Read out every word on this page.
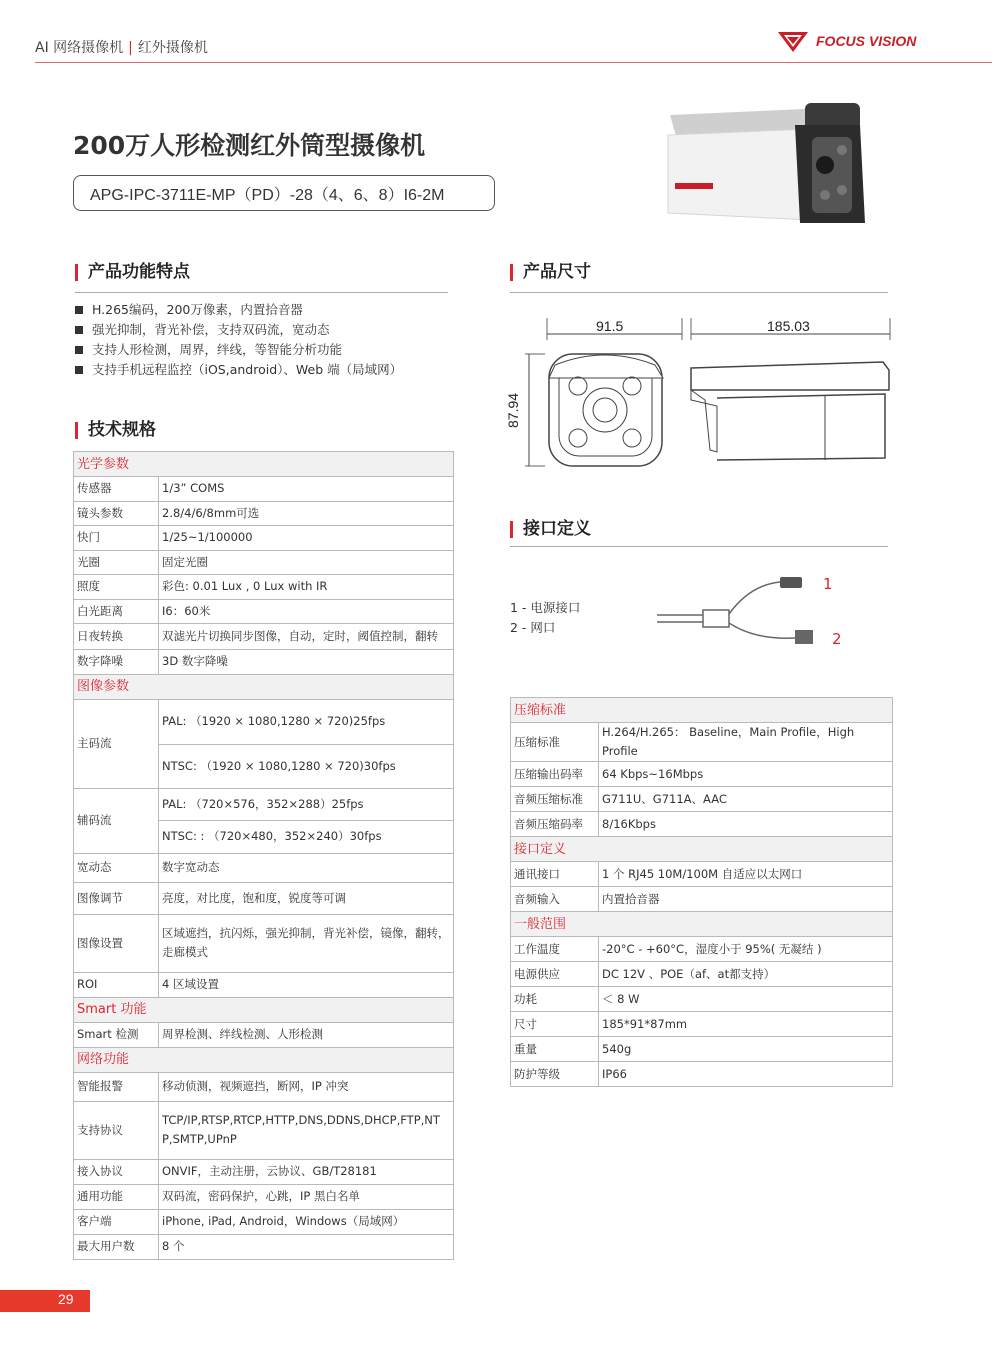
AI 网络摄像机 | 红外摄像机	FOCUS VISION
200万人形检测红外筒型摄像机
APG-IPC-3711E-MP（PD）-28（4、6、8）I6-2M
产品功能特点
H.265编码，200万像素，内置拾音器
强光抑制，背光补偿，支持双码流，宽动态
支持人形检测，周界，绊线，等智能分析功能
支持手机远程监控（iOS,android）、Web 端（局域网）
产品尺寸
91.5	185.03
87.94
接口定义
1 - 电源接口
2 - 网口
1
2
技术规格
光学参数	
传感器	1/3” COMS
镜头参数	2.8/4/6/8mm可选
快门	1/25~1/100000
光圈	固定光圈
照度	彩色: 0.01 Lux , 0 Lux with IR
白光距离	I6：60米
日夜转换	双滤光片切换同步图像，自动，定时，阈值控制，翻转
数字降噪	3D 数字降噪
图像参数	
主码流	PAL: （1920 × 1080,1280 × 720)25fps
	NTSC: （1920 × 1080,1280 × 720)30fps
辅码流	PAL: （720×576，352×288）25fps
	NTSC: : （720×480，352×240）30fps
宽动态	数字宽动态
图像调节	亮度，对比度，饱和度，锐度等可调
图像设置	区域遮挡，抗闪烁，强光抑制，背光补偿，镜像，翻转，走廊模式
ROI	4 区域设置
Smart 功能	
Smart 检测	周界检测、绊线检测、人形检测
网络功能	
智能报警	移动侦测，视频遮挡，断网，IP 冲突
支持协议	TCP/IP,RTSP,RTCP,HTTP,DNS,DDNS,DHCP,FTP,NTP,SMTP,UPnP
接入协议	ONVIF，主动注册，云协议、GB/T28181
通用功能	双码流，密码保护，心跳，IP 黑白名单
客户端	iPhone, iPad, Android，Windows（局域网）
最大用户数	8 个
压缩标准	
压缩标准	H.264/H.265： Baseline，Main Profile，High Profile
压缩输出码率	64 Kbps~16Mbps
音频压缩标准	G711U、G711A、AAC
音频压缩码率	8/16Kbps
接口定义	
通讯接口	1 个 RJ45 10M/100M 自适应以太网口
音频输入	内置拾音器
一般范围	
工作温度	-20°C - +60°C，湿度小于 95%( 无凝结 )
电源供应	DC 12V 、POE（af、at都支持）
功耗	＜ 8 W
尺寸	185*91*87mm
重量	540g
防护等级	IP66
29
